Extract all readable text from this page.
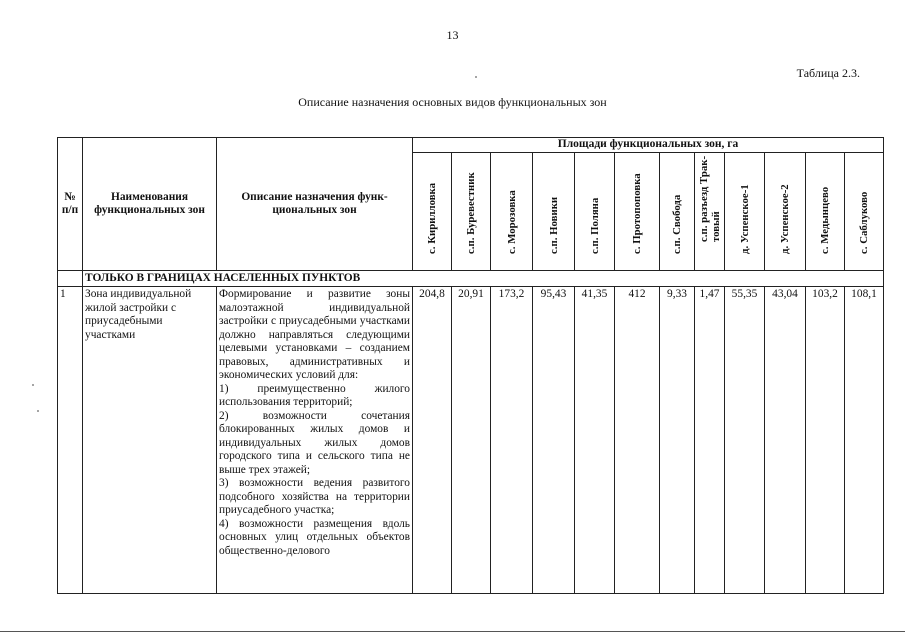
13
Таблица 2.3.
Описание назначения основных видов функциональных зон
№ п/п	Наименования функциональных зон	Описание назначения функ-циональных зон	Площади функциональных зон, га											

			с. Кирилловка	с.п. Буревестник	с. Морозовка	с.п. Новики	с.п. Поляна	с. Протопоповка	с.п. Свобода	с.п. разъезд Трак-товый	д. Успенское-1	д. Успенское-2	с. Медынцево	с. Саблуково

	ТОЛЬКО В ГРАНИЦАХ НАСЕЛЕННЫХ ПУНКТОВ													
1	Зона индивидуальной жилой застройки с приусадебными участками	Формирование и развитие зоны малоэтажной индивидуальной застройки с приусадебными участками должно направляться следующими целевыми установками – созданием правовых, административных и экономических условий для:

1) преимущественно жилого использования территорий;

2) возможности сочетания блокированных жилых домов и индивидуальных жилых домов городского типа и сельского типа не выше трех этажей;

3) возможности ведения развитого подсобного хозяйства на территории приусадебного участка;

4) возможности размещения вдоль основных улиц отдельных объектов общественно-делового	204,8	20,91	173,2	95,43	41,35	412	9,33	1,47	55,35	43,04	103,2	108,1
